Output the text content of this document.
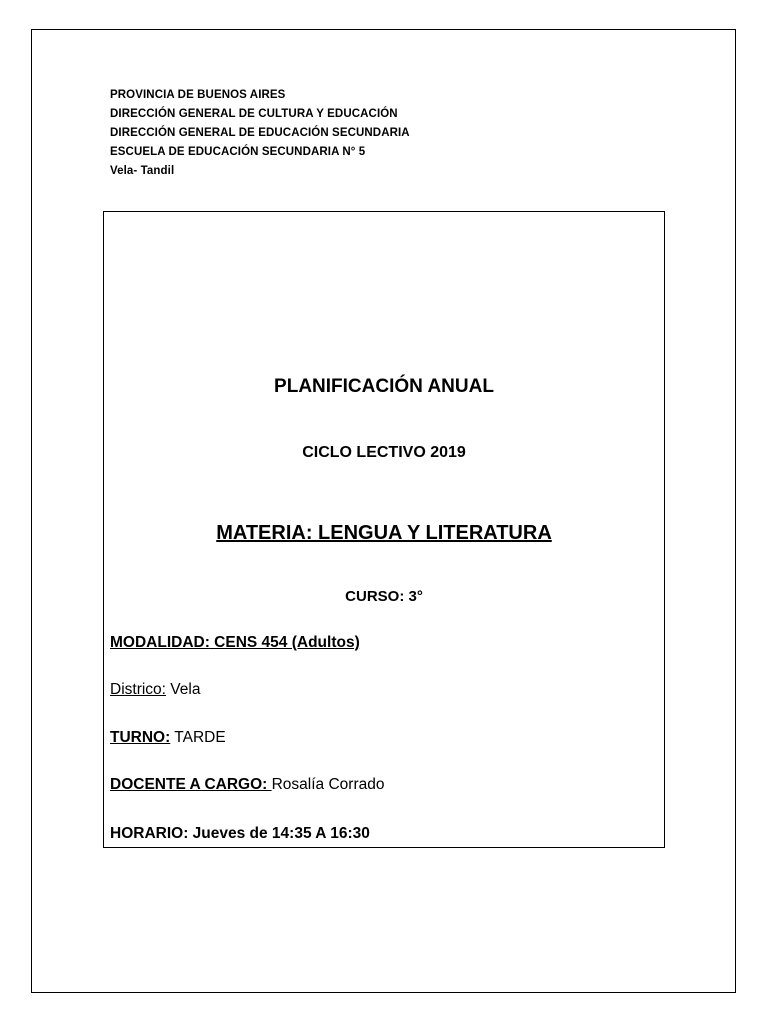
PROVINCIA DE BUENOS AIRES
DIRECCIÓN GENERAL DE CULTURA Y EDUCACIÓN
DIRECCIÓN GENERAL DE EDUCACIÓN SECUNDARIA
ESCUELA DE EDUCACIÓN SECUNDARIA N° 5
Vela- Tandil
PLANIFICACIÓN ANUAL
CICLO LECTIVO 2019
MATERIA: LENGUA Y LITERATURA
CURSO: 3°
MODALIDAD: CENS 454 (Adultos)
Districo: Vela
TURNO: TARDE
DOCENTE A CARGO: Rosalía Corrado
HORARIO: Jueves de 14:35 A 16:30
